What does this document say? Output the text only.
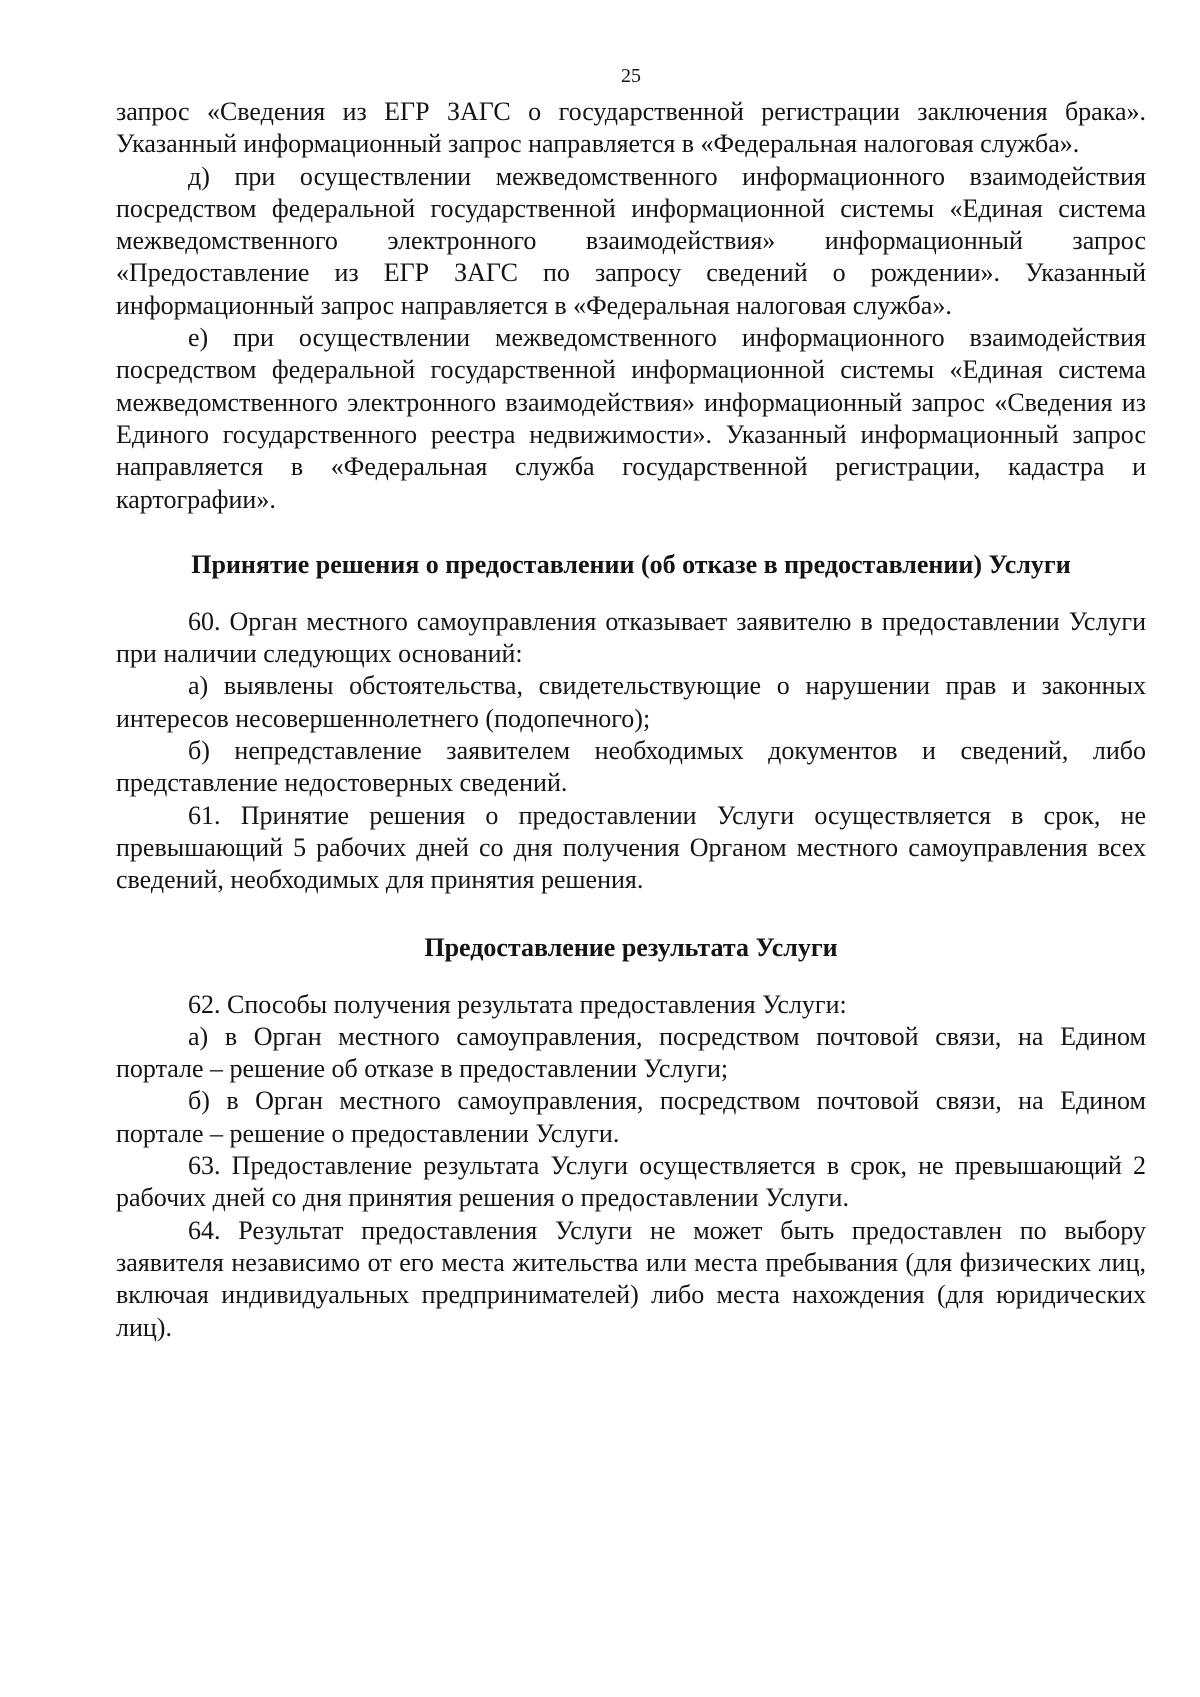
25

запрос «Сведения из ЕГР ЗАГС о государственной регистрации заключения брака». Указанный информационный запрос направляется в «Федеральная налоговая служба».

д) при осуществлении межведомственного информационного взаимодействия посредством федеральной государственной информационной системы «Единая система межведомственного электронного взаимодействия» информационный запрос «Предоставление из ЕГР ЗАГС по запросу сведений о рождении». Указанный информационный запрос направляется в «Федеральная налоговая служба».

е) при осуществлении межведомственного информационного взаимодействия посредством федеральной государственной информационной системы «Единая система межведомственного электронного взаимодействия» информационный запрос «Сведения из Единого государственного реестра недвижимости». Указанный информационный запрос направляется в «Федеральная служба государственной регистрации, кадастра и картографии».

Принятие решения о предоставлении (об отказе в предоставлении) Услуги

60. Орган местного самоуправления отказывает заявителю в предоставлении Услуги при наличии следующих оснований:

а) выявлены обстоятельства, свидетельствующие о нарушении прав и законных интересов несовершеннолетнего (подопечного);

б) непредставление заявителем необходимых документов и сведений, либо представление недостоверных сведений.

61. Принятие решения о предоставлении Услуги осуществляется в срок, не превышающий 5 рабочих дней со дня получения Органом местного самоуправления всех сведений, необходимых для принятия решения.

Предоставление результата Услуги

62. Способы получения результата предоставления Услуги:

а) в Орган местного самоуправления, посредством почтовой связи, на Едином портале – решение об отказе в предоставлении Услуги;

б) в Орган местного самоуправления, посредством почтовой связи, на Едином портале – решение о предоставлении Услуги.

63. Предоставление результата Услуги осуществляется в срок, не превышающий 2 рабочих дней со дня принятия решения о предоставлении Услуги.

64. Результат предоставления Услуги не может быть предоставлен по выбору заявителя независимо от его места жительства или места пребывания (для физических лиц, включая индивидуальных предпринимателей) либо места нахождения (для юридических лиц).
